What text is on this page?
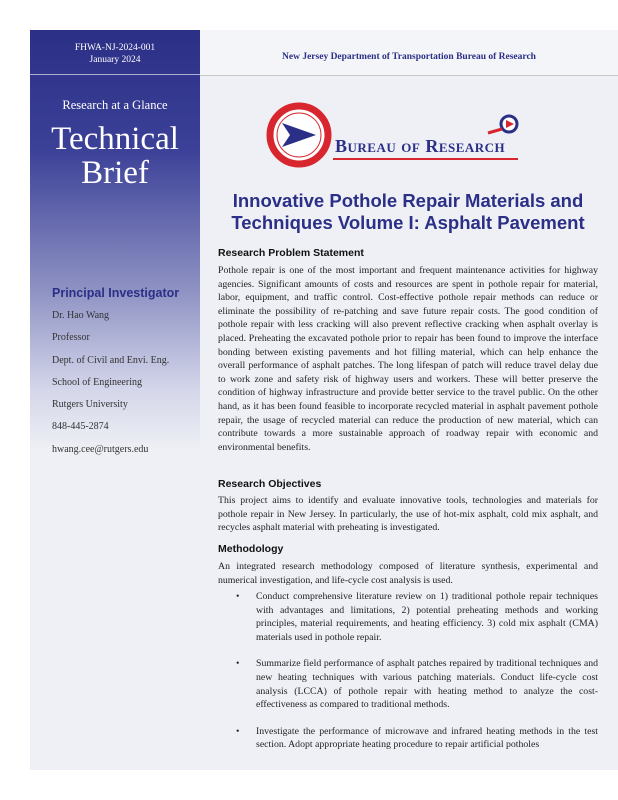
FHWA-NJ-2024-001
January 2024
Research at a Glance
Technical
Brief
Principal Investigator
Dr. Hao Wang
Professor
Dept. of Civil and Envi. Eng.
School of Engineering
Rutgers University
848-445-2874
hwang.cee@rutgers.edu
New Jersey Department of Transportation Bureau of Research
BUREAU OF RESEARCH
Innovative Pothole Repair Materials and
Techniques Volume I: Asphalt Pavement
Research Problem Statement
Pothole repair is one of the most important and frequent maintenance activities for highway agencies. Significant amounts of costs and resources are spent in pothole repair for material, labor, equipment, and traffic control. Cost-effective pothole repair methods can reduce or eliminate the possibility of re-patching and save future repair costs. The good condition of pothole repair with less cracking will also prevent reflective cracking when asphalt overlay is placed. Preheating the excavated pothole prior to repair has been found to improve the interface bonding between existing pavements and hot filling material, which can help enhance the overall performance of asphalt patches. The long lifespan of patch will reduce travel delay due to work zone and safety risk of highway users and workers. These will better preserve the condition of highway infrastructure and provide better service to the travel public. On the other hand, as it has been found feasible to incorporate recycled material in asphalt pavement pothole repair, the usage of recycled material can reduce the production of new material, which can contribute towards a more sustainable approach of roadway repair with economic and environmental benefits.
Research Objectives
This project aims to identify and evaluate innovative tools, technologies and materials for pothole repair in New Jersey. In particularly, the use of hot-mix asphalt, cold mix asphalt, and recycles asphalt material with preheating is investigated.
Methodology
An integrated research methodology composed of literature synthesis, experimental and numerical investigation, and life-cycle cost analysis is used.
• Conduct comprehensive literature review on 1) traditional pothole repair techniques with advantages and limitations, 2) potential preheating methods and working principles, material requirements, and heating efficiency. 3) cold mix asphalt (CMA) materials used in pothole repair.
• Summarize field performance of asphalt patches repaired by traditional techniques and new heating techniques with various patching materials. Conduct life-cycle cost analysis (LCCA) of pothole repair with heating method to analyze the cost-effectiveness as compared to traditional methods.
• Investigate the performance of microwave and infrared heating methods in the test section. Adopt appropriate heating procedure to repair artificial potholes
